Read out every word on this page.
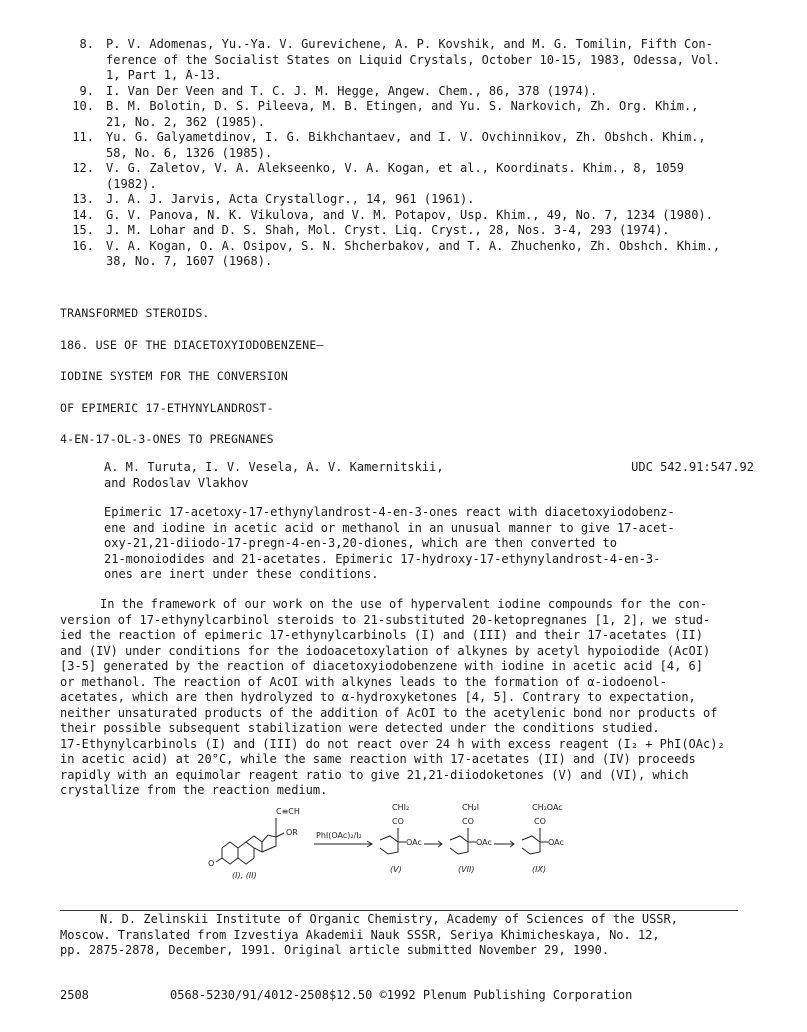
8.	P. V. Adomenas, Yu.-Ya. V. Gurevichene, A. P. Kovshik, and M. G. Tomilin, Fifth Con-
ference of the Socialist States on Liquid Crystals, October 10-15, 1983, Odessa, Vol.
1, Part 1, A-13.
9.	I. Van Der Veen and T. C. J. M. Hegge, Angew. Chem., 86, 378 (1974).
10.	B. M. Bolotin, D. S. Pileeva, M. B. Etingen, and Yu. S. Narkovich, Zh. Org. Khim.,
21, No. 2, 362 (1985).
11.	Yu. G. Galyametdinov, I. G. Bikhchantaev, and I. V. Ovchinnikov, Zh. Obshch. Khim.,
58, No. 6, 1326 (1985).
12.	V. G. Zaletov, V. A. Alekseenko, V. A. Kogan, et al., Koordinats. Khim., 8, 1059
(1982).
13.	J. A. J. Jarvis, Acta Crystallogr., 14, 961 (1961).
14.	G. V. Panova, N. K. Vikulova, and V. M. Potapov, Usp. Khim., 49, No. 7, 1234 (1980).
15.	J. M. Lohar and D. S. Shah, Mol. Cryst. Liq. Cryst., 28, Nos. 3-4, 293 (1974).
16.	V. A. Kogan, O. A. Osipov, S. N. Shcherbakov, and T. A. Zhuchenko, Zh. Obshch. Khim.,
38, No. 7, 1607 (1968).
TRANSFORMED STEROIDS.
186. USE OF THE DIACETOXYIODOBENZENE—
IODINE SYSTEM FOR THE CONVERSION
OF EPIMERIC 17-ETHYNYLANDROST-
4-EN-17-OL-3-ONES TO PREGNANES
A. M. Turuta, I. V. Vesela, A. V. Kamernitskii,
and Rodoslav Vlakhov
UDC 542.91:547.92
Epimeric 17-acetoxy-17-ethynylandrost-4-en-3-ones react with diacetoxyiodobenz-
ene and iodine in acetic acid or methanol in an unusual manner to give 17-acet-
oxy-21,21-diiodo-17-pregn-4-en-3,20-diones, which are then converted to
21-monoiodides and 21-acetates. Epimeric 17-hydroxy-17-ethynylandrost-4-en-3-
ones are inert under these conditions.
In the framework of our work on the use of hypervalent iodine compounds for the con-
version of 17-ethynylcarbinol steroids to 21-substituted 20-ketopregnanes [1, 2], we stud-
ied the reaction of epimeric 17-ethynylcarbinols (I) and (III) and their 17-acetates (II)
and (IV) under conditions for the iodoacetoxylation of alkynes by acetyl hypoiodide (AcOI)
[3-5] generated by the reaction of diacetoxyiodobenzene with iodine in acetic acid [4, 6]
or methanol. The reaction of AcOI with alkynes leads to the formation of α-iodoenol-
acetates, which are then hydrolyzed to α-hydroxyketones [4, 5]. Contrary to expectation,
neither unsaturated products of the addition of AcOI to the acetylenic bond nor products of
their possible subsequent stabilization were detected under the conditions studied.
17-Ethynylcarbinols (I) and (III) do not react over 24 h with excess reagent (I₂ + PhI(OAc)₂
in acetic acid) at 20°C, while the same reaction with 17-acetates (II) and (IV) proceeds
rapidly with an equimolar reagent ratio to give 21,21-diiodoketones (V) and (VI), which
crystallize from the reaction medium.
C≡CH
OR
O
(I), (II)
PhI(OAc)₂/I₂
CHI₂
CO
OAc
(V)
CH₂I
CO
OAc
(VII)
CH₂OAc
CO
OAc
(IX)
N. D. Zelinskii Institute of Organic Chemistry, Academy of Sciences of the USSR,
Moscow. Translated from Izvestiya Akademii Nauk SSSR, Seriya Khimicheskaya, No. 12,
pp. 2875-2878, December, 1991. Original article submitted November 29, 1990.
2508	0568-5230/91/4012-2508$12.50 ©1992 Plenum Publishing Corporation
